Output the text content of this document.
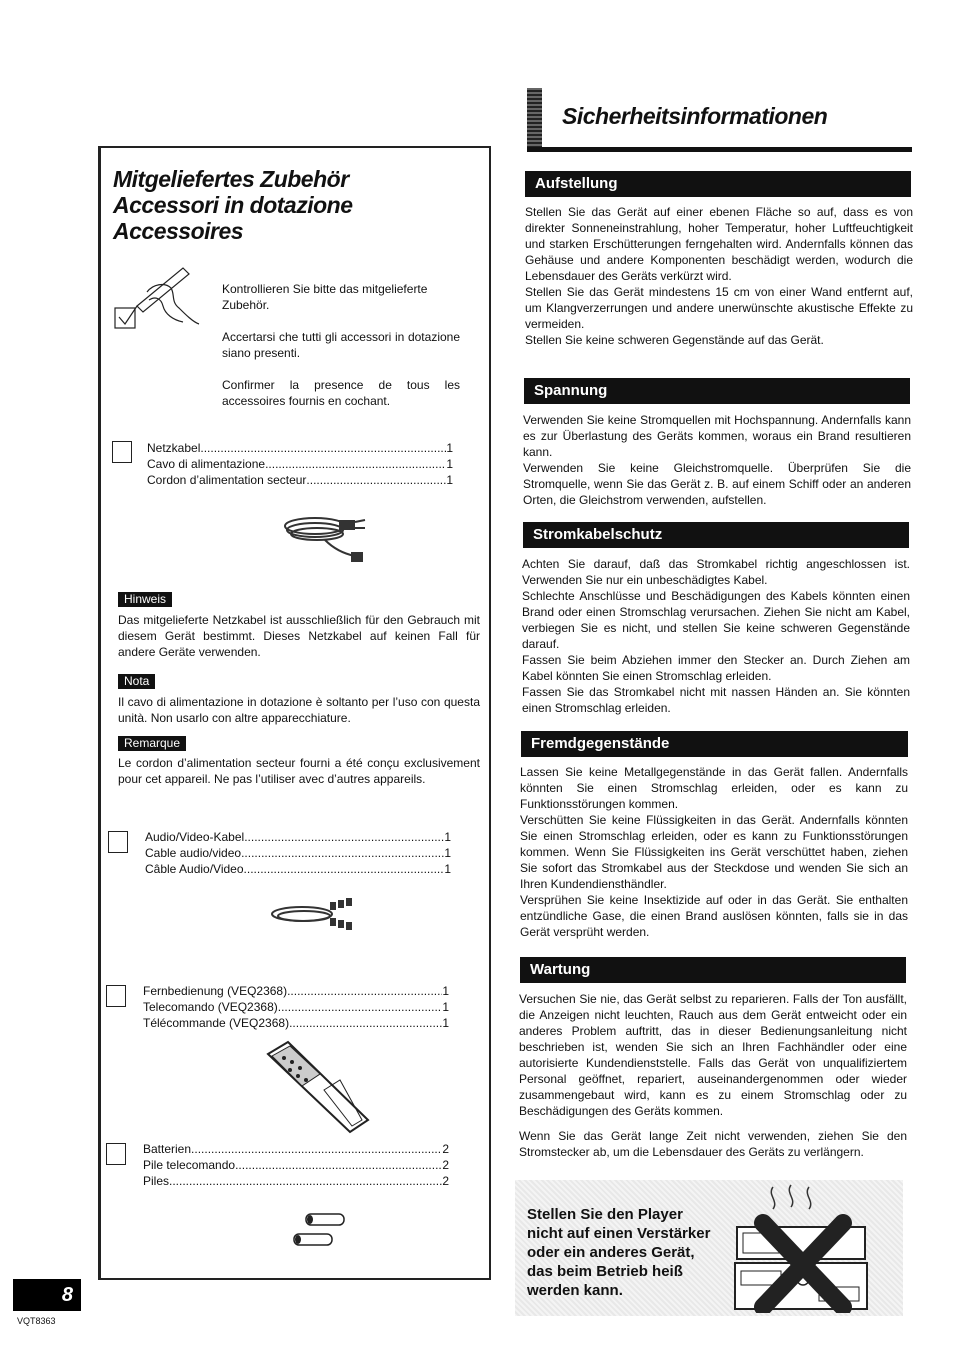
Mitgeliefertes Zubehör

Accessori in dotazione

Accessoires

Kontrollieren Sie bitte das mitgelieferte Zubehör.

Accertarsi che tutti gli accessori in dotazione siano presenti.

Confirmer la presence de tous les accessoires fournis en cochant.

Netzkabel .....	1
Cavo di alimentazione .....	1
Cordon d’alimentation secteur .....	1
Hinweis

Das mitgelieferte Netzkabel ist ausschließlich für den Gebrauch mit diesem Gerät bestimmt. Dieses Netzkabel auf keinen Fall für andere Geräte verwenden.

Nota

Il cavo di alimentazione in dotazione è soltanto per l’uso con questa unità. Non usarlo con altre apparecchiature.

Remarque

Le cordon d’alimentation secteur fourni a été conçu exclusivement pour cet appareil. Ne pas l’utiliser avec d’autres appareils.

Audio/Video-Kabel .....	1
Cable audio/video .....	1
Câble Audio/Video .....	1
Fernbedienung (VEQ2368) .....	1
Telecomando (VEQ2368) .....	1
Télécommande (VEQ2368) .....	1
Batterien .....	2
Pile telecomando .....	2
Piles .....	2
Sicherheitsinformationen
Aufstellung

Stellen Sie das Gerät auf einer ebenen Fläche so auf, dass es von direkter Sonneneinstrahlung, hoher Temperatur, hoher Luftfeuchtigkeit und starken Erschütterungen ferngehalten wird. Andernfalls können das Gehäuse und andere Komponenten beschädigt werden, wodurch die Lebensdauer des Geräts verkürzt wird.

Stellen Sie das Gerät mindestens 15 cm von einer Wand entfernt auf, um Klangverzerrungen und andere unerwünschte akustische Effekte zu vermeiden.

Stellen Sie keine schweren Gegenstände auf das Gerät.

Spannung

Verwenden Sie keine Stromquellen mit Hochspannung. Andernfalls kann es zur Überlastung des Geräts kommen, woraus ein Brand resultieren kann.

Verwenden Sie keine Gleichstromquelle. Überprüfen Sie die Stromquelle, wenn Sie das Gerät z. B. auf einem Schiff oder an anderen Orten, die Gleichstrom verwenden, aufstellen.

Stromkabelschutz

Achten Sie darauf, daß das Stromkabel richtig angeschlossen ist. Verwenden Sie nur ein unbeschädigtes Kabel.

Schlechte Anschlüsse und Beschädigungen des Kabels könnten einen Brand oder einen Stromschlag verursachen. Ziehen Sie nicht am Kabel, verbiegen Sie es nicht, und stellen Sie keine schweren Gegenstände darauf.

Fassen Sie beim Abziehen immer den Stecker an. Durch Ziehen am Kabel könnten Sie einen Stromschlag erleiden.

Fassen Sie das Stromkabel nicht mit nassen Händen an. Sie könnten einen Stromschlag erleiden.

Fremdgegenstände

Lassen Sie keine Metallgegenstände in das Gerät fallen. Andernfalls könnten Sie einen Stromschlag erleiden, oder es kann zu Funktionsstörungen kommen.

Verschütten Sie keine Flüssigkeiten in das Gerät. Andernfalls könnten Sie einen Stromschlag erleiden, oder es kann zu Funktionsstörungen kommen. Wenn Sie Flüssigkeiten ins Gerät verschüttet haben, ziehen Sie sofort das Stromkabel aus der Steckdose und wenden Sie sich an Ihren Kundendiensthändler.

Versprühen Sie keine Insektizide auf oder in das Gerät. Sie enthalten entzündliche Gase, die einen Brand auslösen könnten, falls sie in das Gerät versprüht werden.

Wartung

Versuchen Sie nie, das Gerät selbst zu reparieren. Falls der Ton ausfällt, die Anzeigen nicht leuchten, Rauch aus dem Gerät entweicht oder ein anderes Problem auftritt, das in dieser Bedienungsanleitung nicht beschrieben ist, wenden Sie sich an Ihren Fachhändler oder eine autorisierte Kundendienststelle. Falls das Gerät von unqualifiziertem Personal geöffnet, repariert, auseinandergenommen oder wieder zusammengebaut wird, kann es zu einem Stromschlag oder zu Beschädigungen des Geräts kommen.

Wenn Sie das Gerät lange Zeit nicht verwenden, ziehen Sie den Stromstecker ab, um die Lebensdauer des Geräts zu verlängern.

Stellen Sie den Player
nicht auf einen Verstärker
oder ein anderes Gerät,
das beim Betrieb heiß
werden kann.
8
VQT8363
